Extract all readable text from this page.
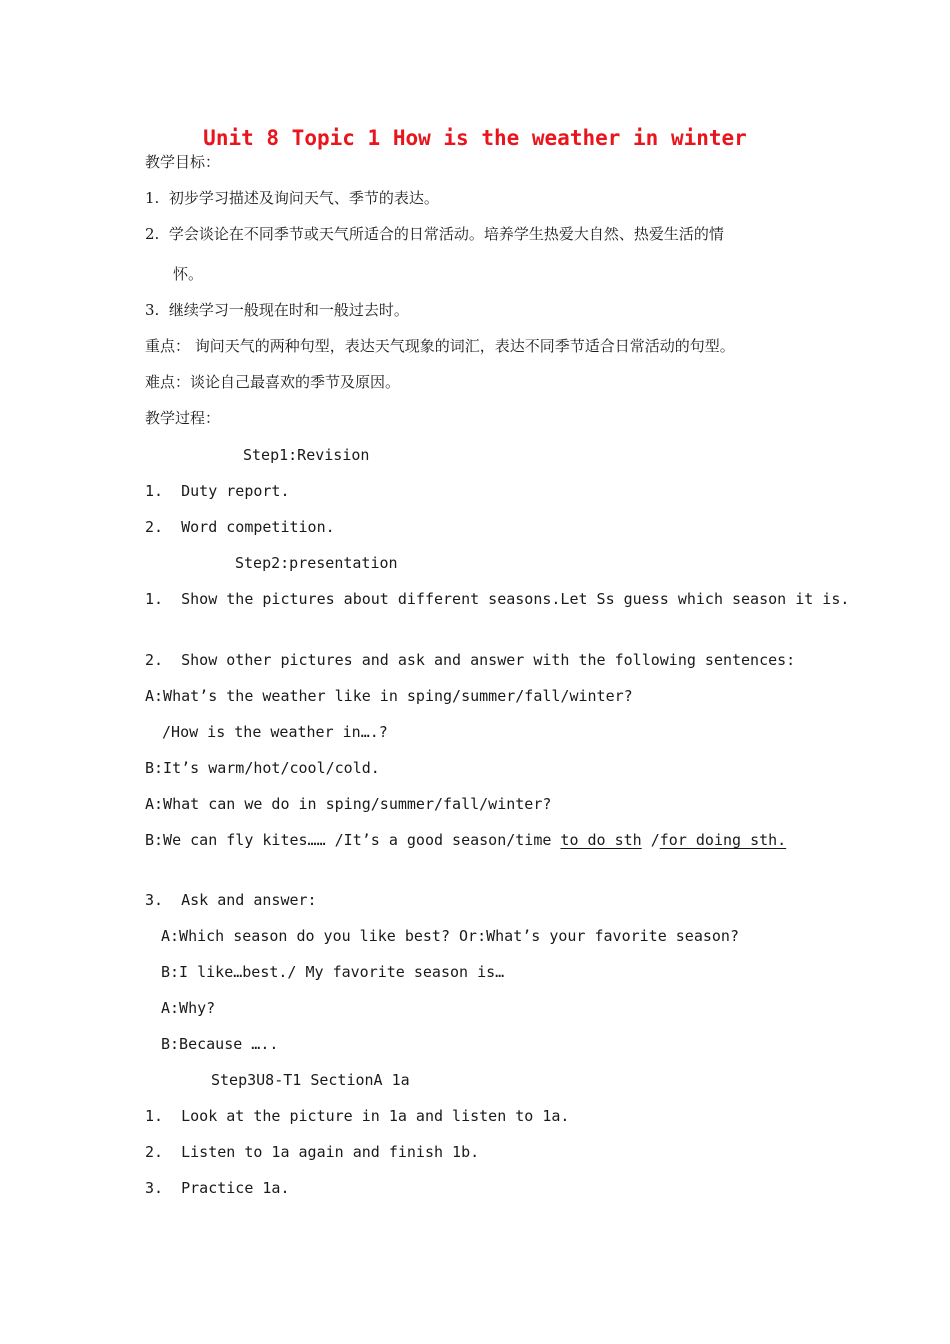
Unit 8 Topic 1 How is the weather in winter
教学目标：
1.  初步学习描述及询问天气、季节的表达。
2.  学会谈论在不同季节或天气所适合的日常活动。培养学生热爱大自然、热爱生活的情
怀。
3.  继续学习一般现在时和一般过去时。
重点： 询问天气的两种句型，表达天气现象的词汇，表达不同季节适合日常活动的句型。
难点：谈论自己最喜欢的季节及原因。
教学过程：
Step1:Revision
1.  Duty report.
2.  Word competition.
Step2:presentation
1.  Show the pictures about different seasons.Let Ss guess which season it is.
2.  Show other pictures and ask and answer with the following sentences:
A:What’s the weather like in sping/summer/fall/winter?
/How is the weather in….?
B:It’s warm/hot/cool/cold.
A:What can we do in sping/summer/fall/winter?
B:We can fly kites…… /It’s a good season/time to do sth /for doing sth.
3.  Ask and answer:
A:Which season do you like best? Or:What’s your favorite season?
B:I like…best./ My favorite season is…
A:Why?
B:Because …..
Step3U8-T1 SectionA 1a
1.  Look at the picture in 1a and listen to 1a.
2.  Listen to 1a again and finish 1b.
3.  Practice 1a.
